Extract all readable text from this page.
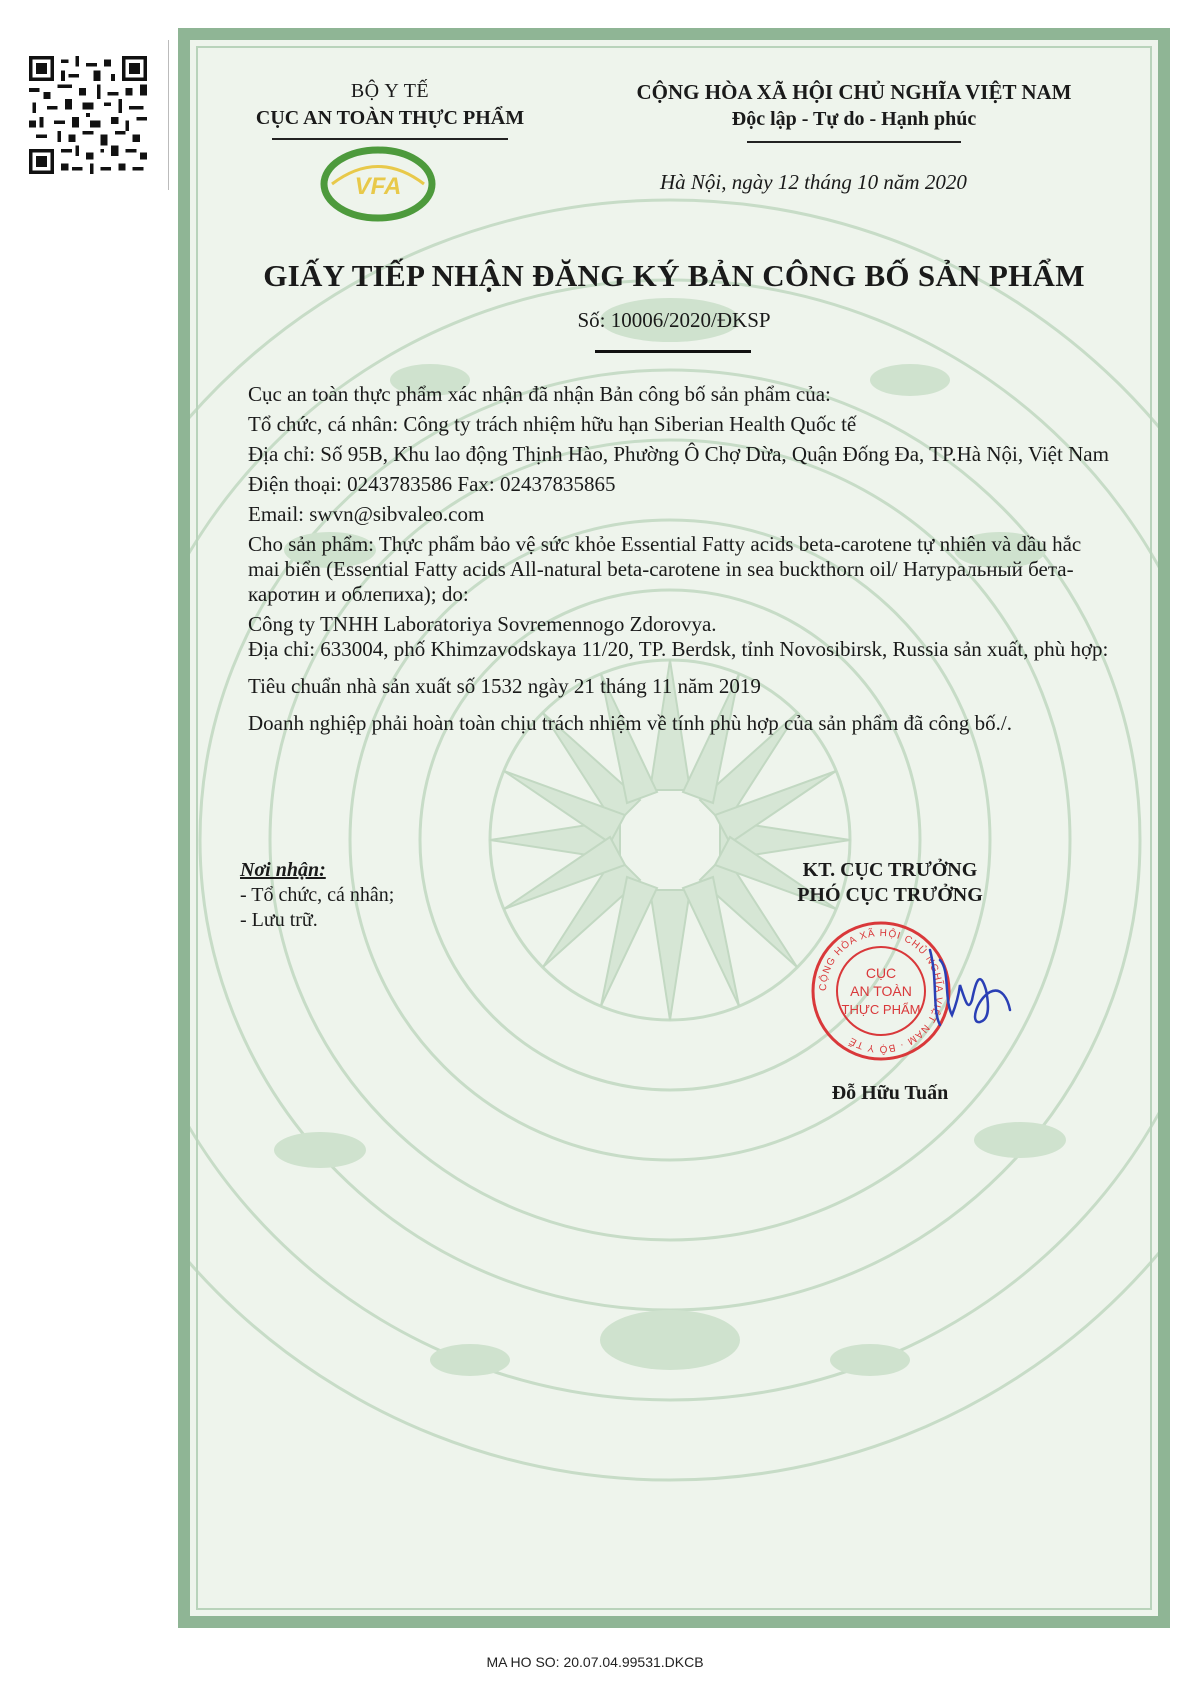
BỘ Y TẾ
CỤC AN TOÀN THỰC PHẨM
VFA
CỘNG HÒA XÃ HỘI CHỦ NGHĨA VIỆT NAM
Độc lập - Tự do - Hạnh phúc
Hà Nội, ngày 12 tháng 10 năm 2020
GIẤY TIẾP NHẬN ĐĂNG KÝ BẢN CÔNG BỐ SẢN PHẨM
Số: 10006/2020/ĐKSP

Cục an toàn thực phẩm xác nhận đã nhận Bản công bố sản phẩm của:

Tổ chức, cá nhân: Công ty trách nhiệm hữu hạn Siberian Health Quốc tế

Địa chỉ: Số 95B, Khu lao động Thịnh Hào, Phường Ô Chợ Dừa, Quận Đống Đa, TP.Hà Nội, Việt Nam

Điện thoại: 0243783586 Fax: 02437835865

Email: swvn@sibvaleo.com

Cho sản phẩm: Thực phẩm bảo vệ sức khỏe Essential Fatty acids beta-carotene tự nhiên và dầu hắc mai biển (Essential Fatty acids All-natural beta-carotene in sea buckthorn oil/ Натуральный бета-каротин и облепиха); do:

Công ty TNHH Laboratoriya Sovremennogo Zdorovya.

Địa chỉ: 633004, phố Khimzavodskaya 11/20, TP. Berdsk, tỉnh Novosibirsk, Russia sản xuất, phù hợp:

Tiêu chuẩn nhà sản xuất số 1532 ngày 21 tháng 11 năm 2019

Doanh nghiệp phải hoàn toàn chịu trách nhiệm về tính phù hợp của sản phẩm đã công bố./.

Nơi nhận:
- Tổ chức, cá nhân;
- Lưu trữ.
KT. CỤC TRƯỞNG
PHÓ CỤC TRƯỞNG
CỘNG HÒA XÃ HỘI CHỦ NGHĨA VIỆT NAM · BỘ Y TẾ
CỤC
AN TOÀN
THỰC PHẨM
Đỗ Hữu Tuấn
MA HO SO: 20.07.04.99531.DKCB
